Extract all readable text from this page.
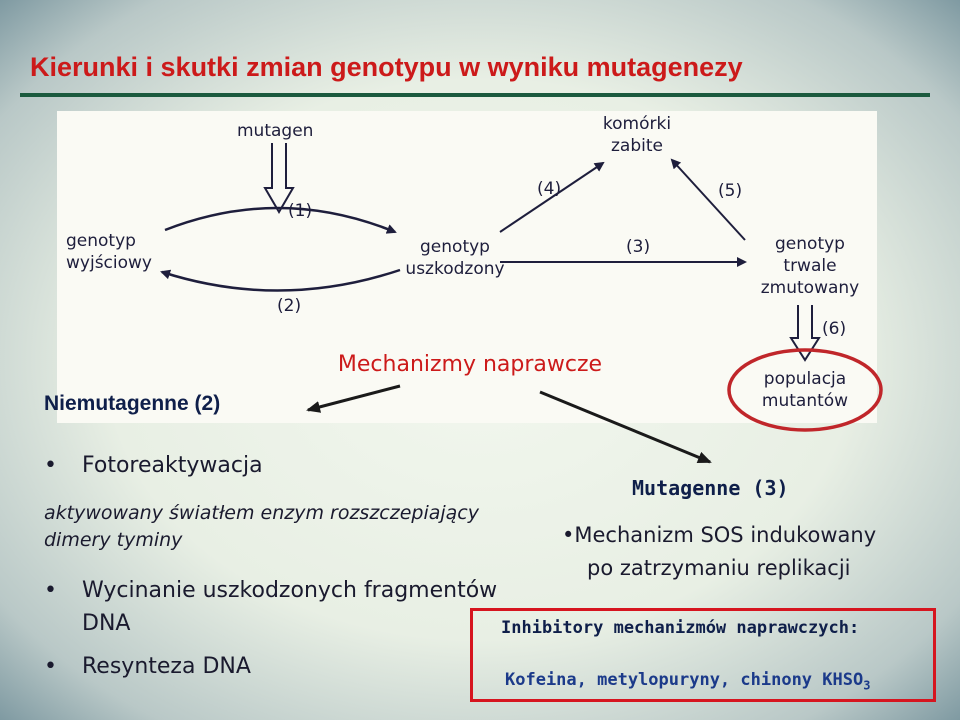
Kierunki i skutki zmian genotypu w wyniku mutagenezy
mutagen
(1)
(2)
(3)
(4)	(5)
(6)
genotyp
wyjściowy
genotyp
uszkodzony
komórki
zabite
genotyp
trwale
zmutowany
populacja
mutantów
Mechanizmy naprawcze
Niemutagenne (2)
• Fotoreaktywacja
aktywowany światłem enzym rozszczepiający
dimery tyminy
• Wycinanie uszkodzonych fragmentów
DNA
• Resynteza DNA
Mutagenne (3)
•Mechanizm SOS indukowany
po zatrzymaniu replikacji
Inhibitory mechanizmów naprawczych:
Kofeina, metylopuryny, chinony $KHSO_3$
